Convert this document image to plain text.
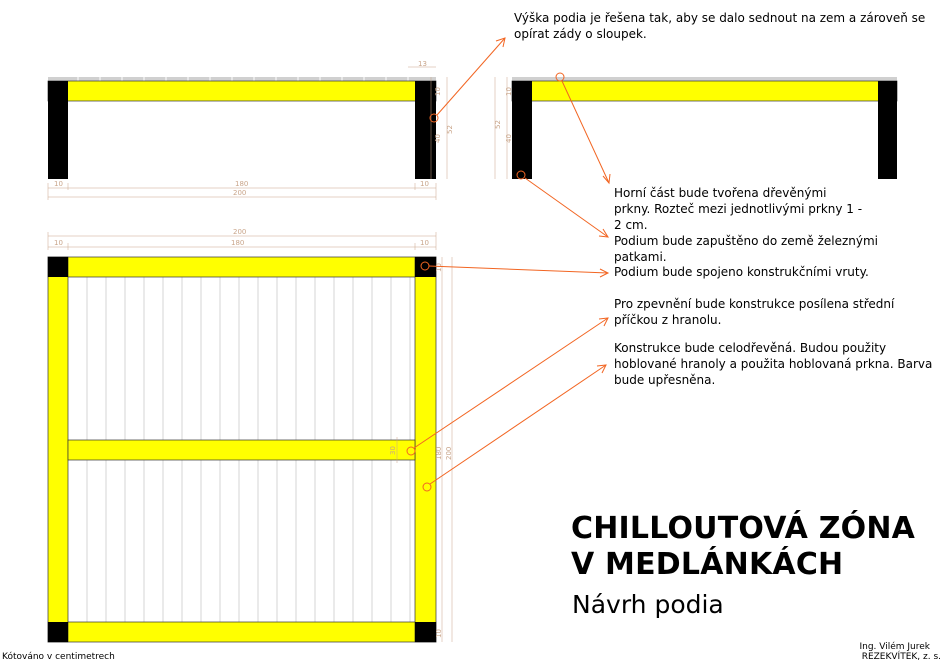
13
10	180	10
200
10
40
52
10
40
52
200
10	180	10
10
180 200
10
30
Výška podia je řešena tak, aby se dalo sednout na zem a zároveň se opírat zády o sloupek.
Horní část bude tvořena dřevěnými prkny. Rozteč mezi jednotlivými prkny 1 - 2 cm.
Podium bude zapuštěno do země železnými patkami.
Podium bude spojeno konstrukčními vruty.
Pro zpevnění bude konstrukce posílena střední příčkou z hranolu.
Konstrukce bude celodřevěná. Budou použity hoblované hranoly a použita hoblovaná prkna. Barva bude upřesněna.
CHILLOUTOVÁ ZÓNA
V MEDLÁNKÁCH
Návrh podia
Kótováno v centimetrech
Ing. Vilém Jurek
REZEKVÍTEK, z. s.
